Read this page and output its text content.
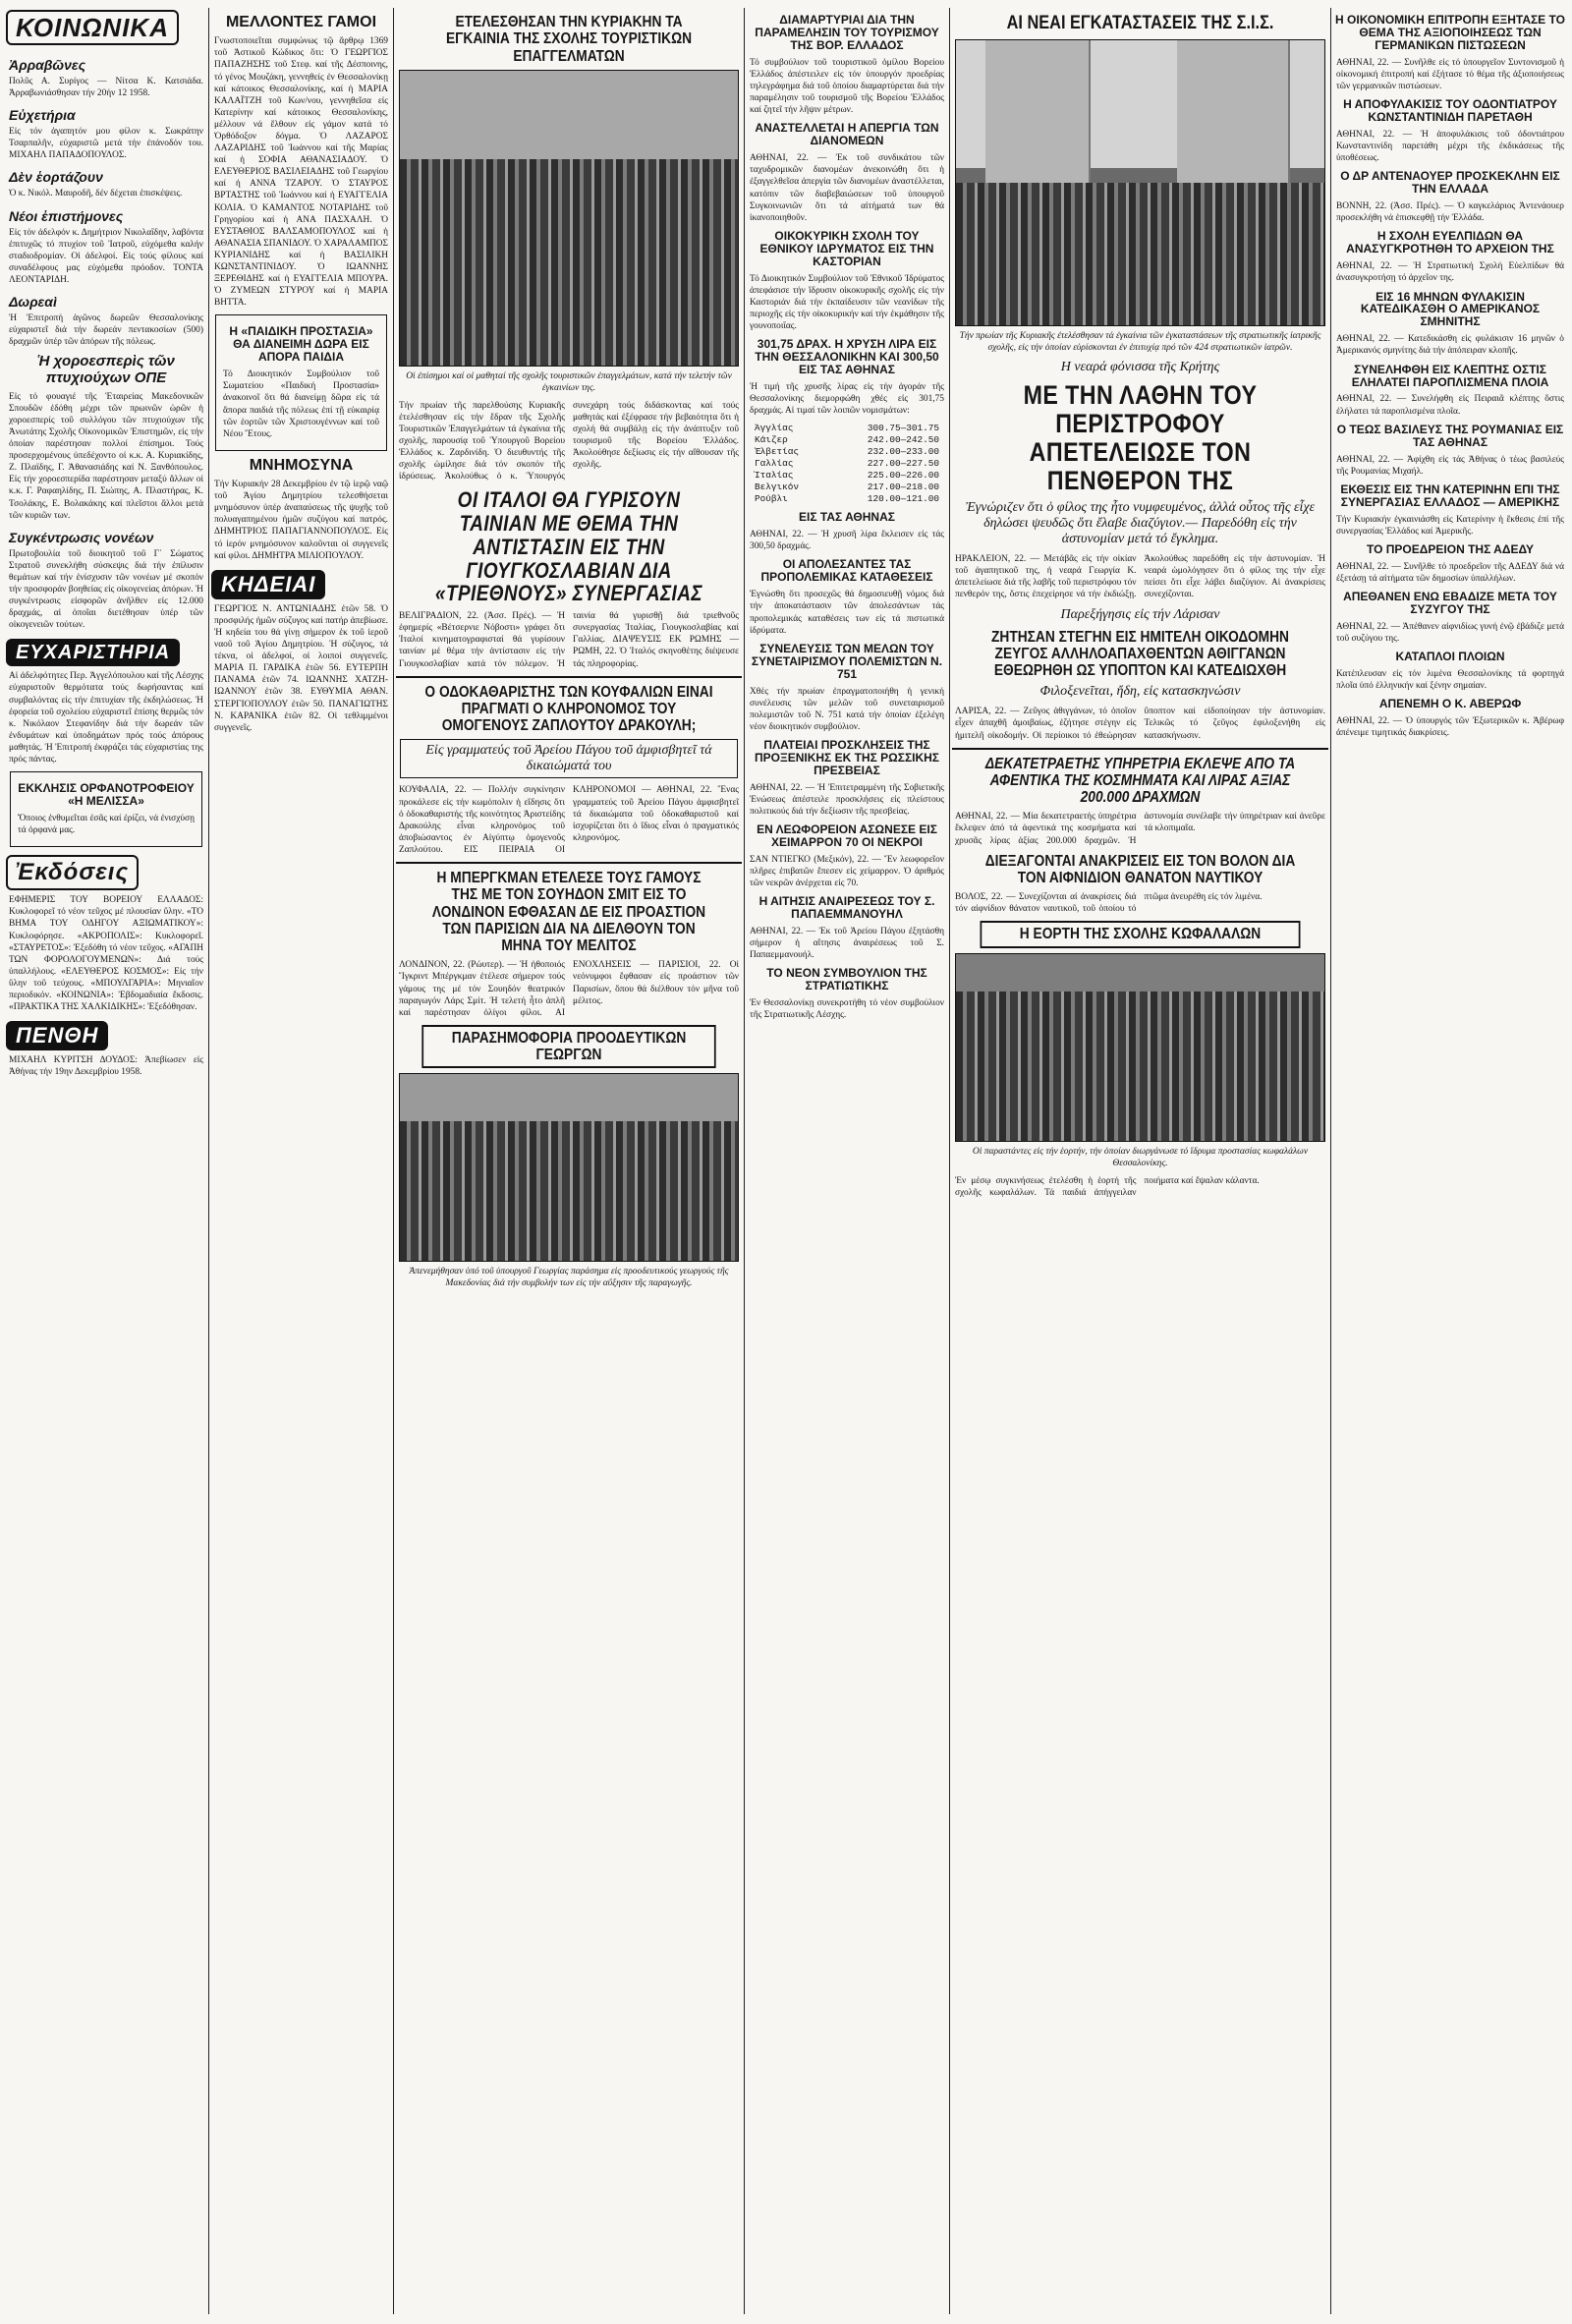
ΚΟΙΝΩΝΙΚΑ
Ἀρραβῶνες

Πολῦς Α. Συρίγος — Νίτσα Κ. Κατσιάδα. Ἀρραβωνιάσθησαν τήν 20ήν 12 1958.

Εὐχετήρια

Εἰς τόν ἀγαπητόν μου φίλον κ. Σωκράτην Τσαρπαλῆν, εὐχαριστῶ μετά τήν ἐπάνοδόν του. ΜΙΧΑΗΛ ΠΑΠΑΔΟΠΟΥΛΟΣ.

Δὲν ἑορτάζουν

Ὁ κ. Νικόλ. Μαυροδῆ, δέν δέχεται ἐπισκέψεις.

Νέοι ἐπιστήμονες

Εἰς τόν ἀδελφόν κ. Δημήτριον Νικολαΐδην, λαβόντα ἐπιτυχῶς τό πτυχίον τοῦ Ἰατροῦ, εὐχόμεθα καλήν σταδιοδρομίαν. Οἱ ἀδελφοί. Εἰς τούς φίλους καί συναδέλφους μας εὐχόμεθα πρόοδον. ΤΟΝΤΑ ΛΕΟΝΤΑΡΙΔΗ.

Δωρεαὶ

Ἡ Ἐπιτροπή ἀγῶνος δωρεῶν Θεσσαλονίκης εὐχαριστεῖ διά τήν δωρεάν πεντακοσίων (500) δραχμῶν ὑπέρ τῶν ἀπόρων τῆς πόλεως.

Ἡ χοροεσπερὶς τῶν πτυχιούχων ΟΠΕ

Εἰς τό φουαγιέ τῆς Ἑταιρείας Μακεδονικῶν Σπουδῶν ἐδόθη μέχρι τῶν πρωινῶν ὡρῶν ἡ χοροεσπερίς τοῦ συλλόγου τῶν πτυχιούχων τῆς Ἀνωτάτης Σχολῆς Οἰκονομικῶν Ἐπιστημῶν, εἰς τήν ὁποίαν παρέστησαν πολλοί ἐπίσημοι. Τούς προσερχομένους ὑπεδέχοντο οἱ κ.κ. Α. Κυριακίδης, Ζ. Πλαϊδης, Γ. Ἀθανασιάδης καί Ν. Ξανθόπουλος. Εἰς τήν χοροεσπερίδα παρέστησαν μεταξύ ἄλλων οἱ κ.κ. Γ. Ραφαηλίδης, Π. Σιώπης, Α. Πλαστήρας, Κ. Τσολάκης, Ε. Βολακάκης καί πλεῖστοι ἄλλοι μετά τῶν κυριῶν των.

Συγκέντρωσις νονέων

Πρωτοβουλία τοῦ διοικητοῦ τοῦ Γ΄ Σώματος Στρατοῦ συνεκλήθη σύσκεψις διά τήν ἐπίλυσιν θεμάτων καί τήν ἐνίσχυσιν τῶν νονέων μέ σκοπόν τήν προσφοράν βοηθείας εἰς οἰκογενείας ἀπόρων. Ἡ συγκέντρωσις εἰσφορῶν ἀνῆλθεν εἰς 12.000 δραχμάς, αἱ ὁποῖαι διετέθησαν ὑπέρ τῶν οἰκογενειῶν τούτων.

ΕΥΧΑΡΙΣΤΗΡΙΑ

Αἱ ἀδελφότητες Περ. Ἀγγελόπουλου καί τῆς Λέσχης εὐχαριστοῦν θερμότατα τούς δωρήσαντας καί συμβαλόντας εἰς τήν ἐπιτυχίαν τῆς ἐκδηλώσεως. Ἡ ἐφορεία τοῦ σχολείου εὐχαριστεῖ ἐπίσης θερμῶς τόν κ. Νικόλαον Στεφανίδην διά τήν δωρεάν τῶν ἐνδυμάτων καί ὑποδημάτων πρός τούς ἀπόρους μαθητάς. Ἡ Ἐπιτροπή ἐκφράζει τάς εὐχαριστίας της πρός πάντας.

ΕΚΚΛΗΣΙΣ ΟΡΦΑΝΟΤΡΟΦΕΙΟΥ «Η ΜΕΛΙΣΣΑ»

Ὅποιος ἐνθυμεῖται ἐσᾶς καί ἐρίζει, νά ἐνισχύσῃ τά ὀρφανά μας.

Ἐκδόσεις

ΕΦΗΜΕΡΙΣ ΤΟΥ ΒΟΡΕΙΟΥ ΕΛΛΑΔΟΣ: Κυκλοφορεῖ τό νέον τεῦχος μέ πλουσίαν ὕλην. «ΤΟ ΒΗΜΑ ΤΟΥ ΟΔΗΓΟΥ ΑΞΙΩΜΑΤΙΚΟΥ»: Κυκλοφόρησε. «ΑΚΡΟΠΟΛΙΣ»: Κυκλοφορεῖ. «ΣΤΑΥΡΕΤΟΣ»: Ἐξεδόθη τό νέον τεῦχος. «ΑΓΑΠΗ ΤΩΝ ΦΟΡΟΛΟΓΟΥΜΕΝΩΝ»: Διά τούς ὑπαλλήλους. «ΕΛΕΥΘΕΡΟΣ ΚΟΣΜΟΣ»: Εἰς τήν ὕλην τοῦ τεύχους. «ΜΠΟΥΛΓΑΡΙΑ»: Μηνιαῖον περιοδικόν. «ΚΟΙΝΩΝΙΑ»: Ἑβδομαδιαία ἔκδοσις. «ΠΡΑΚΤΙΚΑ ΤΗΣ ΧΑΛΚΙΔΙΚΗΣ»: Ἐξεδόθησαν.

ΠΕΝΘΗ

ΜΙΧΑΗΛ ΚΥΡΙΤΣΗ ΔΟΥΔΟΣ: Ἀπεβίωσεν εἰς Ἀθήνας τήν 19ην Δεκεμβρίου 1958.

ΜΕΛΛΟΝΤΕΣ ΓΑΜΟΙ

Γνωστοποιεῖται συμφώνως τῷ ἄρθρῳ 1369 τοῦ Ἀστικοῦ Κώδικος ὅτι: Ὁ ΓΕΩΡΓΙΟΣ ΠΑΠΑΖΗΣΗΣ τοῦ Στεφ. καί τῆς Δέσποινης, τό γένος Μουζάκη, γεννηθείς ἐν Θεσσαλονίκῃ καί κάτοικος Θεσσαλονίκης, καί ἡ ΜΑΡΙΑ ΚΑΛΑΪΤΖΗ τοῦ Κων/νου, γεννηθεῖσα εἰς Κατερίνην καί κάτοικος Θεσσαλονίκης, μέλλουν νά ἔλθουν εἰς γάμον κατά τό Ὀρθόδοξον δόγμα. Ὁ ΛΑΖΑΡΟΣ ΛΑΖΑΡΙΔΗΣ τοῦ Ἰωάννου καί τῆς Μαρίας καί ἡ ΣΟΦΙΑ ΑΘΑΝΑΣΙΑΔΟΥ. Ὁ ΕΛΕΥΘΕΡΙΟΣ ΒΑΣΙΛΕΙΑΔΗΣ τοῦ Γεωργίου καί ἡ ΑΝΝΑ ΤΖΑΡΟΥ. Ὁ ΣΤΑΥΡΟΣ ΒΡΤΑΣΤΗΣ τοῦ Ἰωάννου καί ἡ ΕΥΑΓΓΕΛΙΑ ΚΟΛΙΑ. Ὁ ΚΑΜΑΝΤΟΣ ΝΟΤΑΡΙΔΗΣ τοῦ Γρηγορίου καί ἡ ΑΝΑ ΠΑΣΧΑΛΗ. Ὁ ΕΥΣΤΑΘΙΟΣ ΒΑΛΣΑΜΟΠΟΥΛΟΣ καί ἡ ΑΘΑΝΑΣΙΑ ΣΠΑΝΙΔΟΥ. Ὁ ΧΑΡΑΛΑΜΠΟΣ ΚΥΡΙΑΝΙΔΗΣ καί ἡ ΒΑΣΙΛΙΚΗ ΚΩΝΣΤΑΝΤΙΝΙΔΟΥ. Ὁ ΙΩΑΝΝΗΣ ΞΕΡΕΘΙΔΗΣ καί ἡ ΕΥΑΓΓΕΛΙΑ ΜΠΟΥΡΑ. Ὁ ΖΥΜΕΩΝ ΣΤΥΡΟΥ καί ἡ ΜΑΡΙΑ ΒΗΤΤΑ.

Η «ΠΑΙΔΙΚΗ ΠΡΟΣΤΑΣΙΑ» ΘΑ ΔΙΑΝΕΙΜΗ ΔΩΡΑ ΕΙΣ ΑΠΟΡΑ ΠΑΙΔΙΑ

Τό Διοικητικόν Συμβούλιον τοῦ Σωματείου «Παιδική Προστασία» ἀνακοινοῖ ὅτι θά διανείμῃ δῶρα εἰς τά ἄπορα παιδιά τῆς πόλεως ἐπί τῇ εὐκαιρίᾳ τῶν ἑορτῶν τῶν Χριστουγέννων καί τοῦ Νέου Ἔτους.

ΜΝΗΜΟΣΥΝΑ

Τήν Κυριακήν 28 Δεκεμβρίου ἐν τῷ ἱερῷ ναῷ τοῦ Ἁγίου Δημητρίου τελεσθήσεται μνημόσυνον ὑπέρ ἀναπαύσεως τῆς ψυχῆς τοῦ πολυαγαπημένου ἡμῶν συζύγου καί πατρός. ΔΗΜΗΤΡΙΟΣ ΠΑΠΑΓΙΑΝΝΟΠΟΥΛΟΣ. Εἰς τό ἱερόν μνημόσυνον καλοῦνται οἱ συγγενεῖς καί φίλοι. ΔΗΜΗΤΡΑ ΜΙΛΙΟΠΟΥΛΟΥ.

ΚΗΔΕΙΑΙ

ΓΕΩΡΓΙΟΣ Ν. ΑΝΤΩΝΙΑΔΗΣ ἐτῶν 58. Ὁ προσφιλής ἡμῶν σύζυγος καί πατήρ ἀπεβίωσε. Ἡ κηδεία του θά γίνῃ σήμερον ἐκ τοῦ ἱεροῦ ναοῦ τοῦ Ἁγίου Δημητρίου. Ἡ σύζυγος, τά τέκνα, οἱ ἀδελφοί, οἱ λοιποί συγγενεῖς. ΜΑΡΙΑ Π. ΓΑΡΔΙΚΑ ἐτῶν 56. ΕΥΤΕΡΠΗ ΠΑΝΑΜΑ ἐτῶν 74. ΙΩΑΝΝΗΣ ΧΑΤΖΗ-ΙΩΑΝΝΟΥ ἐτῶν 38. ΕΥΘΥΜΙΑ ΑΘΑΝ. ΣΤΕΡΓΙΟΠΟΥΛΟΥ ἐτῶν 50. ΠΑΝΑΓΙΩΤΗΣ Ν. ΚΑΡΑΝΙΚΑ ἐτῶν 82. Οἱ τεθλιμμένοι συγγενεῖς.

ΕΤΕΛΕΣΘΗΣΑΝ ΤΗΝ ΚΥΡΙΑΚΗΝ ΤΑ ΕΓΚΑΙΝΙΑ ΤΗΣ ΣΧΟΛΗΣ ΤΟΥΡΙΣΤΙΚΩΝ ΕΠΑΓΓΕΛΜΑΤΩΝ
Οἱ ἐπίσημοι καί οἱ μαθηταί τῆς σχολῆς τουριστικῶν ἐπαγγελμάτων, κατά τήν τελετήν τῶν ἐγκαινίων της.

Τήν πρωίαν τῆς παρελθούσης Κυριακῆς ἐτελέσθησαν εἰς τήν ἔδραν τῆς Σχολῆς Τουριστικῶν Ἐπαγγελμάτων τά ἐγκαίνια τῆς σχολῆς, παρουσίᾳ τοῦ Ὑπουργοῦ Βορείου Ἑλλάδος κ. Ζαρδινίδη. Ὁ διευθυντής τῆς σχολῆς ὡμίλησε διά τόν σκοπόν τῆς ἱδρύσεως. Ἀκολούθως ὁ κ. Ὑπουργός συνεχάρη τούς διδάσκοντας καί τούς μαθητάς καί ἐξέφρασε τήν βεβαιότητα ὅτι ἡ σχολή θά συμβάλῃ εἰς τήν ἀνάπτυξιν τοῦ τουρισμοῦ τῆς Βορείου Ἑλλάδος. Ἀκολούθησε δεξίωσις εἰς τήν αἴθουσαν τῆς σχολῆς.

ΟΙ ΙΤΑΛΟΙ ΘΑ ΓΥΡΙΣΟΥΝ ΤΑΙΝΙΑΝ ΜΕ ΘΕΜΑ ΤΗΝ ΑΝΤΙΣΤΑΣΙΝ ΕΙΣ ΤΗΝ ΓΙΟΥΓΚΟΣΛΑΒΙΑΝ ΔΙΑ «ΤΡΙΕΘΝΟΥΣ» ΣΥΝΕΡΓΑΣΙΑΣ

ΒΕΛΙΓΡΑΔΙΟΝ, 22. (Ἀσσ. Πρές). — Ἡ ἐφημερίς «Βέτσερνιε Νόβοστι» γράφει ὅτι Ἰταλοί κινηματογραφισταί θά γυρίσουν ταινίαν μέ θέμα τήν ἀντίστασιν εἰς τήν Γιουγκοσλαβίαν κατά τόν πόλεμον. Ἡ ταινία θά γυρισθῇ διά τριεθνοῦς συνεργασίας Ἰταλίας, Γιουγκοσλαβίας καί Γαλλίας. ΔΙΑΨΕΥΣΙΣ ΕΚ ΡΩΜΗΣ — ΡΩΜΗ, 22. Ὁ Ἰταλός σκηνοθέτης διέψευσε τάς πληροφορίας.

Ο ΟΔΟΚΑΘΑΡΙΣΤΗΣ ΤΩΝ ΚΟΥΦΑΛΙΩΝ ΕΙΝΑΙ ΠΡΑΓΜΑΤΙ Ο ΚΛΗΡΟΝΟΜΟΣ ΤΟΥ ΟΜΟΓΕΝΟΥΣ ΖΑΠΛΟΥΤΟΥ ΔΡΑΚΟΥΛΗ;
Εἰς γραμματεύς τοῦ Ἀρείου Πάγου τοῦ ἀμφισβητεῖ τά δικαιώματά του

ΚΟΥΦΑΛΙΑ, 22. — Πολλήν συγκίνησιν προκάλεσε εἰς τήν κωμόπολιν ἡ εἴδησις ὅτι ὁ ὁδοκαθαριστής τῆς κοινότητος Ἀριστείδης Δρακούλης εἶναι κληρονόμος τοῦ ἀποβιώσαντος ἐν Αἰγύπτῳ ὁμογενοῦς Ζαπλούτου. ΕΙΣ ΠΕΙΡΑΙΑ ΟΙ ΚΛΗΡΟΝΟΜΟΙ — ΑΘΗΝΑΙ, 22. Ἕνας γραμματεύς τοῦ Ἀρείου Πάγου ἀμφισβητεῖ τά δικαιώματα τοῦ ὁδοκαθαριστοῦ καί ἰσχυρίζεται ὅτι ὁ ἴδιος εἶναι ὁ πραγματικός κληρονόμος.

Η ΜΠΕΡΓΚΜΑΝ ΕΤΕΛΕΣΕ ΤΟΥΣ ΓΑΜΟΥΣ ΤΗΣ ΜΕ ΤΟΝ ΣΟΥΗΔΟΝ ΣΜΙΤ ΕΙΣ ΤΟ ΛΟΝΔΙΝΟΝ ΕΦΘΑΣΑΝ ΔΕ ΕΙΣ ΠΡΟΑΣΤΙΟΝ ΤΩΝ ΠΑΡΙΣΙΩΝ ΔΙΑ ΝΑ ΔΙΕΛΘΟΥΝ ΤΟΝ ΜΗΝΑ ΤΟΥ ΜΕΛΙΤΟΣ

ΛΟΝΔΙΝΟΝ, 22. (Ρώυτερ). — Ἡ ἠθοποιός Ἴγκριντ Μπέργκμαν ἐτέλεσε σήμερον τούς γάμους της μέ τόν Σουηδόν θεατρικόν παραγωγόν Λάρς Σμίτ. Ἡ τελετή ἦτο ἁπλῆ καί παρέστησαν ὀλίγοι φίλοι. ΑΙ ΕΝΟΧΛΗΣΕΙΣ — ΠΑΡΙΣΙΟΙ, 22. Οἱ νεόνυμφοι ἔφθασαν εἰς προάστιον τῶν Παρισίων, ὅπου θά διέλθουν τόν μῆνα τοῦ μέλιτος.

ΠΑΡΑΣΗΜΟΦΟΡΙΑ ΠΡΟΟΔΕΥΤΙΚΩΝ ΓΕΩΡΓΩΝ
Ἀπενεμήθησαν ὑπό τοῦ ὑπουργοῦ Γεωργίας παράσημα εἰς προοδευτικούς γεωργούς τῆς Μακεδονίας διά τήν συμβολήν των εἰς τήν αὔξησιν τῆς παραγωγῆς.
ΔΙΑΜΑΡΤΥΡΙΑΙ ΔΙΑ ΤΗΝ ΠΑΡΑΜΕΛΗΣΙΝ ΤΟΥ ΤΟΥΡΙΣΜΟΥ ΤΗΣ ΒΟΡ. ΕΛΛΑΔΟΣ

Τό συμβούλιον τοῦ τουριστικοῦ ὁμίλου Βορείου Ἑλλάδος ἀπέστειλεν εἰς τόν ὑπουργόν προεδρίας τηλεγράφημα διά τοῦ ὁποίου διαμαρτύρεται διά τήν παραμέλησιν τοῦ τουρισμοῦ τῆς Βορείου Ἑλλάδος καί ζητεῖ τήν λῆψιν μέτρων.

ΑΝΑΣΤΕΛΛΕΤΑΙ Η ΑΠΕΡΓΙΑ ΤΩΝ ΔΙΑΝΟΜΕΩΝ

ΑΘΗΝΑΙ, 22. — Ἐκ τοῦ συνδικάτου τῶν ταχυδρομικῶν διανομέων ἀνεκοινώθη ὅτι ἡ ἐξαγγελθεῖσα ἀπεργία τῶν διανομέων ἀναστέλλεται, κατόπιν τῶν διαβεβαιώσεων τοῦ ὑπουργοῦ Συγκοινωνιῶν ὅτι τά αἰτήματά των θά ἱκανοποιηθοῦν.

ΟΙΚΟΚΥΡΙΚΗ ΣΧΟΛΗ ΤΟΥ ΕΘΝΙΚΟΥ ΙΔΡΥΜΑΤΟΣ ΕΙΣ ΤΗΝ ΚΑΣΤΟΡΙΑΝ

Τό Διοικητικόν Συμβούλιον τοῦ Ἐθνικοῦ Ἱδρύματος ἀπεφάσισε τήν ἵδρυσιν οἰκοκυρικῆς σχολῆς εἰς τήν Καστοριάν διά τήν ἐκπαίδευσιν τῶν νεανίδων τῆς περιοχῆς εἰς τήν οἰκοκυρικήν καί τήν ἐκμάθησιν τῆς γουνοποιΐας.

301,75 ΔΡΑΧ. Η ΧΡΥΣΗ ΛΙΡΑ ΕΙΣ ΤΗΝ ΘΕΣΣΑΛΟΝΙΚΗΝ ΚΑΙ 300,50 ΕΙΣ ΤΑΣ ΑΘΗΝΑΣ

Ἡ τιμή τῆς χρυσῆς λίρας εἰς τήν ἀγοράν τῆς Θεσσαλονίκης διεμορφώθη χθές εἰς 301,75 δραχμάς. Αἱ τιμαί τῶν λοιπῶν νομισμάτων:

Ἀγγλίας	300.75—301.75
Κάιζερ	242.00—242.50
Ἑλβετίας	232.00—233.00
Γαλλίας	227.00—227.50
Ἰταλίας	225.00—226.00
Βελγικόν	217.00—218.00
Ρούβλι	120.00—121.00
ΕΙΣ ΤΑΣ ΑΘΗΝΑΣ

ΑΘΗΝΑΙ, 22. — Ἡ χρυσῆ λίρα ἔκλεισεν εἰς τάς 300,50 δραχμάς.

ΟΙ ΑΠΟΛΕΣΑΝΤΕΣ ΤΑΣ ΠΡΟΠΟΛΕΜΙΚΑΣ ΚΑΤΑΘΕΣΕΙΣ

Ἐγνώσθη ὅτι προσεχῶς θά δημοσιευθῇ νόμος διά τήν ἀποκατάστασιν τῶν ἀπολεσάντων τάς προπολεμικάς καταθέσεις των εἰς τά πιστωτικά ἱδρύματα.

ΣΥΝΕΛΕΥΣΙΣ ΤΩΝ ΜΕΛΩΝ ΤΟΥ ΣΥΝΕΤΑΙΡΙΣΜΟΥ ΠΟΛΕΜΙΣΤΩΝ Ν. 751

Χθές τήν πρωίαν ἐπραγματοποιήθη ἡ γενική συνέλευσις τῶν μελῶν τοῦ συνεταιρισμοῦ πολεμιστῶν τοῦ Ν. 751 κατά τήν ὁποίαν ἐξελέγη νέον διοικητικόν συμβούλιον.

ΠΛΑΤΕΙΑΙ ΠΡΟΣΚΛΗΣΕΙΣ ΤΗΣ ΠΡΟΞΕΝΙΚΗΣ ΕΚ ΤΗΣ ΡΩΣΣΙΚΗΣ ΠΡΕΣΒΕΙΑΣ

ΑΘΗΝΑΙ, 22. — Ἡ Ἐπιτετραμμένη τῆς Σοβιετικῆς Ἑνώσεως ἀπέστειλε προσκλήσεις εἰς πλείστους πολιτικούς διά τήν δεξίωσιν τῆς πρεσβείας.

ΕΝ ΛΕΩΦΟΡΕΙΟΝ ΑΣΩΝΕΣΕ ΕΙΣ ΧΕΙΜΑΡΡΟΝ 70 ΟΙ ΝΕΚΡΟΙ

ΣΑΝ ΝΤΙΕΓΚΟ (Μεξικόν), 22. — Ἕν λεωφορεῖον πλῆρες ἐπιβατῶν ἔπεσεν εἰς χείμαρρον. Ὁ ἀριθμός τῶν νεκρῶν ἀνέρχεται εἰς 70.

Η ΑΙΤΗΣΙΣ ΑΝΑΙΡΕΣΕΩΣ ΤΟΥ Σ. ΠΑΠΑΕΜΜΑΝΟΥΗΛ

ΑΘΗΝΑΙ, 22. — Ἐκ τοῦ Ἀρείου Πάγου ἐξητάσθη σήμερον ἡ αἴτησις ἀναιρέσεως τοῦ Σ. Παπαεμμανουήλ.

ΤΟ ΝΕΟΝ ΣΥΜΒΟΥΛΙΟΝ ΤΗΣ ΣΤΡΑΤΙΩΤΙΚΗΣ

Ἐν Θεσσαλονίκῃ συνεκροτήθη τό νέον συμβούλιον τῆς Στρατιωτικῆς Λέσχης.

ΑΙ ΝΕΑΙ ΕΓΚΑΤΑΣΤΑΣΕΙΣ ΤΗΣ Σ.Ι.Σ.
Τήν πρωίαν τῆς Κυριακῆς ἐτελέσθησαν τά ἐγκαίνια τῶν ἐγκαταστάσεων τῆς στρατιωτικῆς ἰατρικῆς σχολῆς, εἰς τήν ὁποίαν εὑρίσκονται ἐν ἐπιτυχίᾳ πρό τῶν 424 στρατιωτικῶν ἰατρῶν.
Η νεαρά φόνισσα τῆς Κρήτης
ΜΕ ΤΗΝ ΛΑΘΗΝ ΤΟΥ ΠΕΡΙΣΤΡΟΦΟΥ ΑΠΕΤΕΛΕΙΩΣΕ ΤΟΝ ΠΕΝΘΕΡΟΝ ΤΗΣ
Ἐγνώριζεν ὅτι ὁ φίλος της ἦτο νυμφευμένος, ἀλλά οὗτος τῆς εἶχε δηλώσει ψευδῶς ὅτι ἔλαβε διαζύγιον.— Παρεδόθη εἰς τήν ἀστυνομίαν μετά τό ἔγκλημα.

ΗΡΑΚΛΕΙΟΝ, 22. — Μετάβᾶς εἰς τήν οἰκίαν τοῦ ἀγαπητικοῦ της, ἡ νεαρά Γεωργία Κ. ἀπετελείωσε διά τῆς λαβῆς τοῦ περιστρόφου τόν πενθερόν της, ὅστις ἐπεχείρησε νά τήν ἐκδιώξῃ. Ἀκολούθως παρεδόθη εἰς τήν ἀστυνομίαν. Ἡ νεαρά ὡμολόγησεν ὅτι ὁ φίλος της τήν εἶχε πείσει ὅτι εἶχε λάβει διαζύγιον. Αἱ ἀνακρίσεις συνεχίζονται.

Παρεξήγησις εἰς τήν Λάρισαν
ΖΗΤΗΣΑΝ ΣΤΕΓΗΝ ΕΙΣ ΗΜΙΤΕΛΗ ΟΙΚΟΔΟΜΗΝ ΖΕΥΓΟΣ ΑΛΛΗΛΟΑΠΑΧΘΕΝΤΩΝ ΑΘΙΓΓΑΝΩΝ ΕΘΕΩΡΗΘΗ ΩΣ ΥΠΟΠΤΟΝ ΚΑΙ ΚΑΤΕΔΙΩΧΘΗ
Φιλοξενεῖται, ἤδη, εἰς κατασκηνώσιν

ΛΑΡΙΣΑ, 22. — Ζεῦγος ἀθιγγάνων, τό ὁποῖον εἶχεν ἀπαχθῆ ἀμοιβαίως, ἐζήτησε στέγην εἰς ἡμιτελῆ οἰκοδομήν. Οἱ περίοικοι τό ἐθεώρησαν ὕποπτον καί εἰδοποίησαν τήν ἀστυνομίαν. Τελικῶς τό ζεῦγος ἐφιλοξενήθη εἰς κατασκήνωσιν.

ΔΕΚΑΤΕΤΡΑΕΤΗΣ ΥΠΗΡΕΤΡΙΑ ΕΚΛΕΨΕ ΑΠΟ ΤΑ ΑΦΕΝΤΙΚΑ ΤΗΣ ΚΟΣΜΗΜΑΤΑ ΚΑΙ ΛΙΡΑΣ ΑΞΙΑΣ 200.000 ΔΡΑΧΜΩΝ

ΑΘΗΝΑΙ, 22. — Μία δεκατετραετής ὑπηρέτρια ἔκλεψεν ἀπό τά ἀφεντικά της κοσμήματα καί χρυσᾶς λίρας ἀξίας 200.000 δραχμῶν. Ἡ ἀστυνομία συνέλαβε τήν ὑπηρέτριαν καί ἀνεῦρε τά κλοπιμαῖα.

ΔΙΕΞΑΓΟΝΤΑΙ ΑΝΑΚΡΙΣΕΙΣ ΕΙΣ ΤΟΝ ΒΟΛΟΝ ΔΙΑ ΤΟΝ ΑΙΦΝΙΔΙΟΝ ΘΑΝΑΤΟΝ ΝΑΥΤΙΚΟΥ

ΒΟΛΟΣ, 22. — Συνεχίζονται αἱ ἀνακρίσεις διά τόν αἰφνίδιον θάνατον ναυτικοῦ, τοῦ ὁποίου τό πτῶμα ἀνευρέθη εἰς τόν λιμένα.

Η ΕΟΡΤΗ ΤΗΣ ΣΧΟΛΗΣ ΚΩΦΑΛΑΛΩΝ
Οἱ παραστάντες εἰς τήν ἑορτήν, τήν ὁποίαν διωργάνωσε τό ἵδρυμα προστασίας κωφαλάλων Θεσσαλονίκης.

Ἐν μέσῳ συγκινήσεως ἐτελέσθη ἡ ἑορτή τῆς σχολῆς κωφαλάλων. Τά παιδιά ἀπήγγειλαν ποιήματα καί ἔψαλαν κάλαντα.

Η ΟΙΚΟΝΟΜΙΚΗ ΕΠΙΤΡΟΠΗ ΕΞΗΤΑΣΕ ΤΟ ΘΕΜΑ ΤΗΣ ΑΞΙΟΠΟΙΗΣΕΩΣ ΤΩΝ ΓΕΡΜΑΝΙΚΩΝ ΠΙΣΤΩΣΕΩΝ

ΑΘΗΝΑΙ, 22. — Συνῆλθε εἰς τό ὑπουργεῖον Συντονισμοῦ ἡ οἰκονομική ἐπιτροπή καί ἐξήτασε τό θέμα τῆς ἀξιοποιήσεως τῶν γερμανικῶν πιστώσεων.

Η ΑΠΟΦΥΛΑΚΙΣΙΣ ΤΟΥ ΟΔΟΝΤΙΑΤΡΟΥ ΚΩΝΣΤΑΝΤΙΝΙΔΗ ΠΑΡΕΤΑΘΗ

ΑΘΗΝΑΙ, 22. — Ἡ ἀποφυλάκισις τοῦ ὀδοντιάτρου Κωνσταντινίδη παρετάθη μέχρι τῆς ἐκδικάσεως τῆς ὑποθέσεως.

Ο ΔΡ ΑΝΤΕΝΑΟΥΕΡ ΠΡΟΣΚΕΚΛΗΝ ΕΙΣ ΤΗΝ ΕΛΛΑΔΑ

ΒΟΝΝΗ, 22. (Ἀσσ. Πρές). — Ὁ καγκελάριος Ἀντενάουερ προσεκλήθη νά ἐπισκεφθῇ τήν Ἑλλάδα.

Η ΣΧΟΛΗ ΕΥΕΛΠΙΔΩΝ ΘΑ ΑΝΑΣΥΓΚΡΟΤΗΘΗ ΤΟ ΑΡΧΕΙΟΝ ΤΗΣ

ΑΘΗΝΑΙ, 22. — Ἡ Στρατιωτική Σχολή Εὐελπίδων θά ἀνασυγκροτήσῃ τό ἀρχεῖον της.

ΕΙΣ 16 ΜΗΝΩΝ ΦΥΛΑΚΙΣΙΝ ΚΑΤΕΔΙΚΑΣΘΗ Ο ΑΜΕΡΙΚΑΝΟΣ ΣΜΗΝΙΤΗΣ

ΑΘΗΝΑΙ, 22. — Κατεδικάσθη εἰς φυλάκισιν 16 μηνῶν ὁ Ἀμερικανός σμηνίτης διά τήν ἀπόπειραν κλοπῆς.

ΣΥΝΕΛΗΦΘΗ ΕΙΣ ΚΛΕΠΤΗΣ ΟΣΤΙΣ ΕΛΗΛΑΤΕΙ ΠΑΡΟΠΛΙΣΜΕΝΑ ΠΛΟΙΑ

ΑΘΗΝΑΙ, 22. — Συνελήφθη εἰς Πειραιᾶ κλέπτης ὅστις ἐλήλατει τά παροπλισμένα πλοῖα.

Ο ΤΕΩΣ ΒΑΣΙΛΕΥΣ ΤΗΣ ΡΟΥΜΑΝΙΑΣ ΕΙΣ ΤΑΣ ΑΘΗΝΑΣ

ΑΘΗΝΑΙ, 22. — Ἀφίχθη εἰς τάς Ἀθήνας ὁ τέως βασιλεύς τῆς Ρουμανίας Μιχαήλ.

ΕΚΘΕΣΙΣ ΕΙΣ ΤΗΝ ΚΑΤΕΡΙΝΗΝ ΕΠΙ ΤΗΣ ΣΥΝΕΡΓΑΣΙΑΣ ΕΛΛΑΔΟΣ — ΑΜΕΡΙΚΗΣ

Τήν Κυριακήν ἐγκαινιάσθη εἰς Κατερίνην ἡ ἔκθεσις ἐπί τῆς συνεργασίας Ἑλλάδος καί Ἀμερικῆς.

ΤΟ ΠΡΟΕΔΡΕΙΟΝ ΤΗΣ ΑΔΕΔΥ

ΑΘΗΝΑΙ, 22. — Συνῆλθε τό προεδρεῖον τῆς ΑΔΕΔΥ διά νά ἐξετάσῃ τά αἰτήματα τῶν δημοσίων ὑπαλλήλων.

ΑΠΕΘΑΝΕΝ ΕΝΩ ΕΒΑΔΙΖΕ ΜΕΤΑ ΤΟΥ ΣΥΖΥΓΟΥ ΤΗΣ

ΑΘΗΝΑΙ, 22. — Ἀπέθανεν αἰφνιδίως γυνή ἐνῷ ἐβάδιζε μετά τοῦ συζύγου της.

ΚΑΤΑΠΛΟΙ ΠΛΟΙΩΝ

Κατέπλευσαν εἰς τόν λιμένα Θεσσαλονίκης τά φορτηγά πλοῖα ὑπό ἑλληνικήν καί ξένην σημαίαν.

ΑΠΕΝΕΜΗ Ο Κ. ΑΒΕΡΩΦ

ΑΘΗΝΑΙ, 22. — Ὁ ὑπουργός τῶν Ἐξωτερικῶν κ. Ἀβέρωφ ἀπένειμε τιμητικάς διακρίσεις.
